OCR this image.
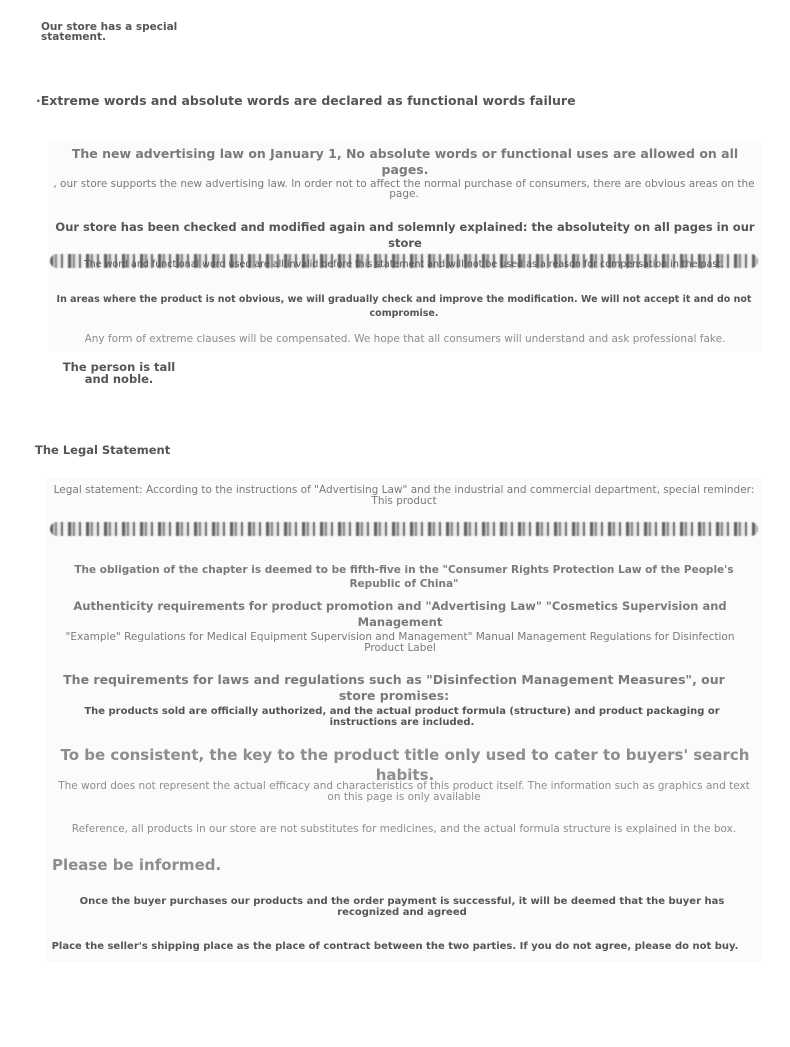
Our store has a special statement.

·Extreme words and absolute words are declared as functional words failure

The new advertising law on January 1, No absolute words or functional uses are allowed on all pages.

, our store supports the new advertising law. In order not to affect the normal purchase of consumers, there are obvious areas on the page.

Our store has been checked and modified again and solemnly explained: the absoluteity on all pages in our store

The word and functional word used are all invalid before this statement and will not be used as a reason for compensation in the past.

In areas where the product is not obvious, we will gradually check and improve the modification. We will not accept it and do not compromise.

Any form of extreme clauses will be compensated. We hope that all consumers will understand and ask professional fake.

The person is tall and noble.

The Legal Statement

Legal statement: According to the instructions of "Advertising Law" and the industrial and commercial department, special reminder: This product

The obligation of the chapter is deemed to be fifth-five in the "Consumer Rights Protection Law of the People's Republic of China"

Authenticity requirements for product promotion and "Advertising Law" "Cosmetics Supervision and Management

"Example" Regulations for Medical Equipment Supervision and Management" Manual Management Regulations for Disinfection Product Label

The requirements for laws and regulations such as "Disinfection Management Measures", our store promises:

The products sold are officially authorized, and the actual product formula (structure) and product packaging or instructions are included.

To be consistent, the key to the product title only used to cater to buyers' search habits.

The word does not represent the actual efficacy and characteristics of this product itself. The information such as graphics and text on this page is only available

Reference, all products in our store are not substitutes for medicines, and the actual formula structure is explained in the box.

Please be informed.

Once the buyer purchases our products and the order payment is successful, it will be deemed that the buyer has recognized and agreed

Place the seller's shipping place as the place of contract between the two parties. If you do not agree, please do not buy.
